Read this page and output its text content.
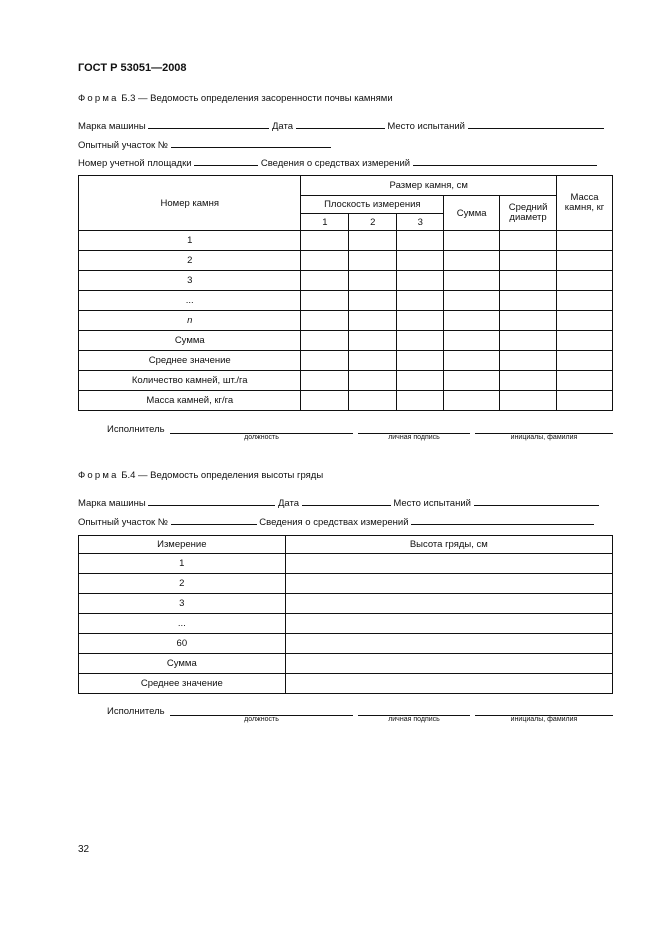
ГОСТ Р 53051—2008
Форма Б.3 — Ведомость определения засоренности почвы камнями
Марка машины	Дата	Место испытаний
Опытный участок №
Номер учетной площадки	Сведения о средствах измерений
Номер камня	Размер камня, см					Масса
камня, кг

	Плоскость измерения			Сумма	Средний
диаметр	

	1	2	3			
1						
2						
3						
...						
n						
Сумма						
Среднее значение						
Количество камней, шт./га						
Масса камней, кг/га						
Исполнитель
должность	личная подпись	инициалы, фамилия
Форма Б.4 — Ведомость определения высоты гряды
Марка машины	Дата	Место испытаний
Опытный участок №	Сведения о средствах измерений
Измерение	Высота гряды, см
1	
2	
3	
...	
60	
Сумма	
Среднее значение	
Исполнитель
должность	личная подпись	инициалы, фамилия
32
